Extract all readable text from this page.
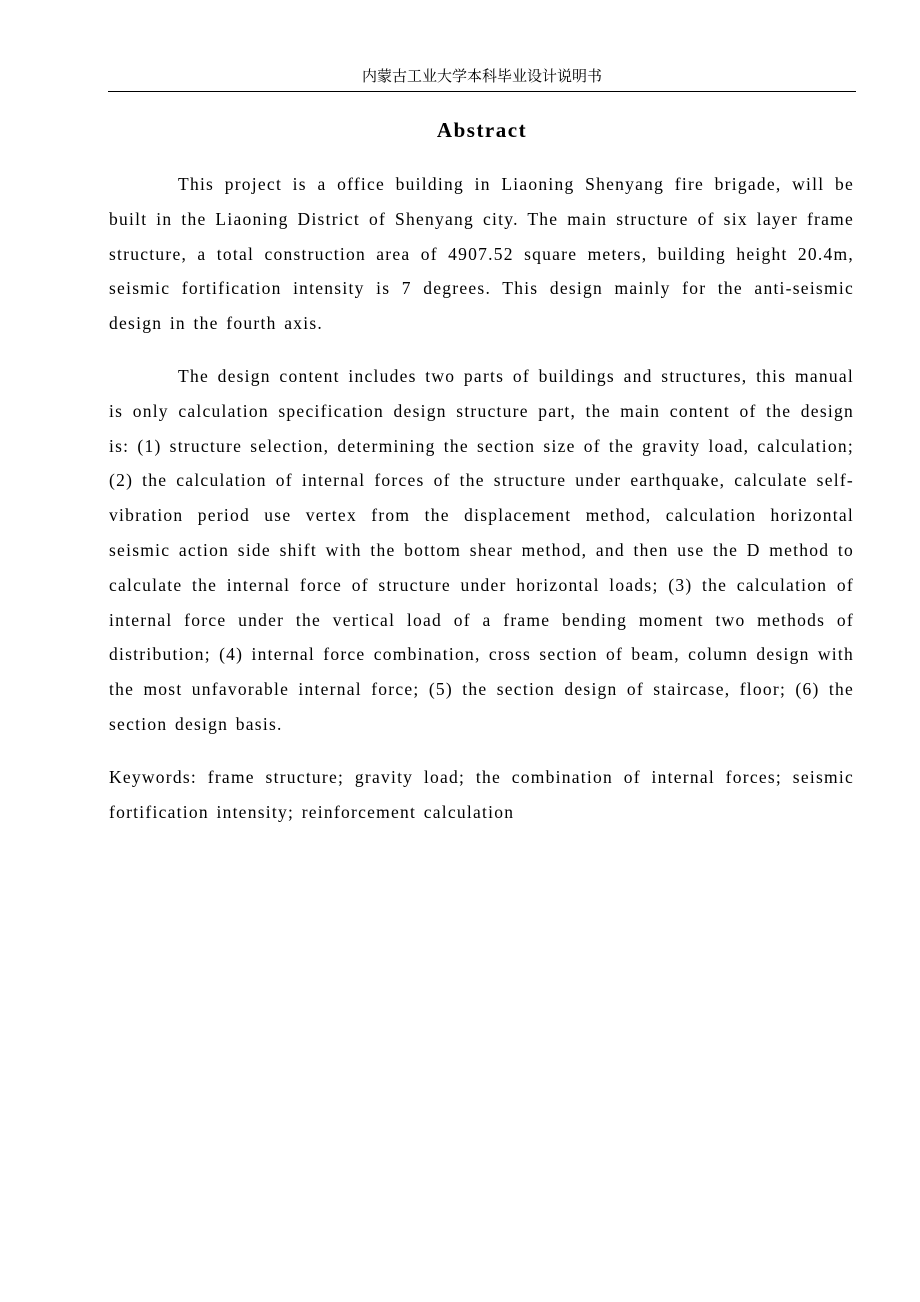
内蒙古工业大学本科毕业设计说明书
Abstract

This project is a office building in Liaoning Shenyang fire brigade, will be built in the Liaoning District of Shenyang city. The main structure of six layer frame structure, a total construction area of 4907.52 square meters, building height 20.4m, seismic fortification intensity is 7 degrees. This design mainly for the anti-seismic design in the fourth axis.

The design content includes two parts of buildings and structures, this manual is only calculation specification design structure part, the main content of the design is: (1) structure selection, determining the section size of the gravity load, calculation; (2) the calculation of internal forces of the structure under earthquake, calculate self-vibration period use vertex from the displacement method, calculation horizontal seismic action side shift with the bottom shear method, and then use the D method to calculate the internal force of structure under horizontal loads; (3) the calculation of internal force under the vertical load of a frame bending moment two methods of distribution; (4) internal force combination, cross section of beam, column design with the most unfavorable internal force; (5) the section design of staircase, floor; (6) the section design basis.

Keywords: frame structure; gravity load; the combination of internal forces; seismic fortification intensity; reinforcement calculation
